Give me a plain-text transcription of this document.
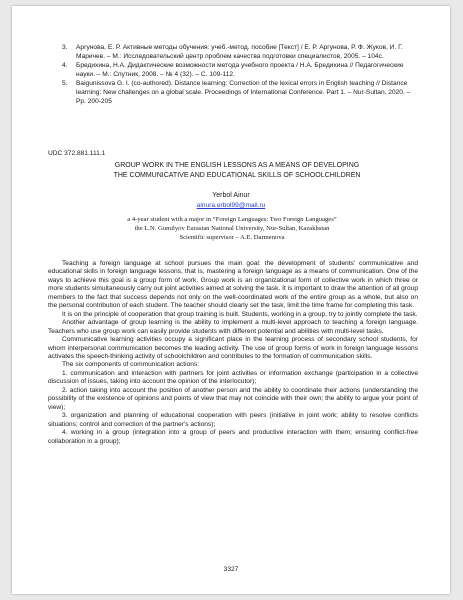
3.	Аргунова, Е. Р. Активные методы обучения: учеб.-метод. пособие [Текст] / Е. Р. Аргунова, Р. Ф. Жуков, И. Г. Маричев. – М.: Исследовательский центр проблем качества подготовки специалистов, 2005. – 104с.
4.	Бредихина, Н.А. Дидактические возможности метода учебного проекта / Н.А. Бредихина // Педагогические науки. – М.: Спутник, 2008. – № 4 (32). – С. 109-112.
5.	Baigunissova G. I. (co-authored). Distance learning: Correction of the lexical errors in English teaching // Distance learning: New challenges on a global scale. Proceedings of International Conference. Part 1. – Nur-Sultan, 2020. – Pp. 200-205
UDC 372.881.111.1
GROUP WORK IN THE ENGLISH LESSONS AS A MEANS OF DEVELOPING
THE COMMUNICATIVE AND EDUCATIONAL SKILLS OF SCHOOLCHILDREN
Yerbol Ainur
ainura.erbol99@mail.ru
a 4-year student with a major in “Foreign Languages: Two Foreign Languages”
the L.N. Gumilyov Eurasian National University, Nur-Sultan, Kazakhstan
Scientific supervisor – A.E. Darmenova

Teaching a foreign language at school pursues the main goal: the development of students' communicative and educational skills in foreign language lessons, that is, mastering a foreign language as a means of communication. One of the ways to achieve this goal is a group form of work. Group work is an organizational form of collective work in which three or more students simultaneously carry out joint activities aimed at solving the task. It is important to draw the attention of all group members to the fact that success depends not only on the well-coordinated work of the entire group as a whole, but also on the personal contribution of each student. The teacher should clearly set the task, limit the time frame for completing this task.

It is on the principle of cooperation that group training is built. Students, working in a group, try to jointly complete the task.

Another advantage of group learning is the ability to implement a multi-level approach to teaching a foreign language. Teachers who use group work can easily provide students with different potential and abilities with multi-level tasks.

Communicative learning activities occupy a significant place in the learning process of secondary school students, for whom interpersonal communication becomes the leading activity. The use of group forms of work in foreign language lessons activates the speech-thinking activity of schoolchildren and contributes to the formation of communication skills.

The six components of communication actions:

1. communication and interaction with partners for joint activities or information exchange (participation in a collective discussion of issues, taking into account the opinion of the interlocutor);

2. action taking into account the position of another person and the ability to coordinate their actions (understanding the possibility of the existence of opinions and points of view that may not coincide with their own; the ability to argue your point of view);

3. organization and planning of educational cooperation with peers (initiative in joint work; ability to resolve conflicts situations; control and correction of the partner's actions);

4. working in a group (integration into a group of peers and productive interaction with them; ensuring conflict-free collaboration in a group);

3327
